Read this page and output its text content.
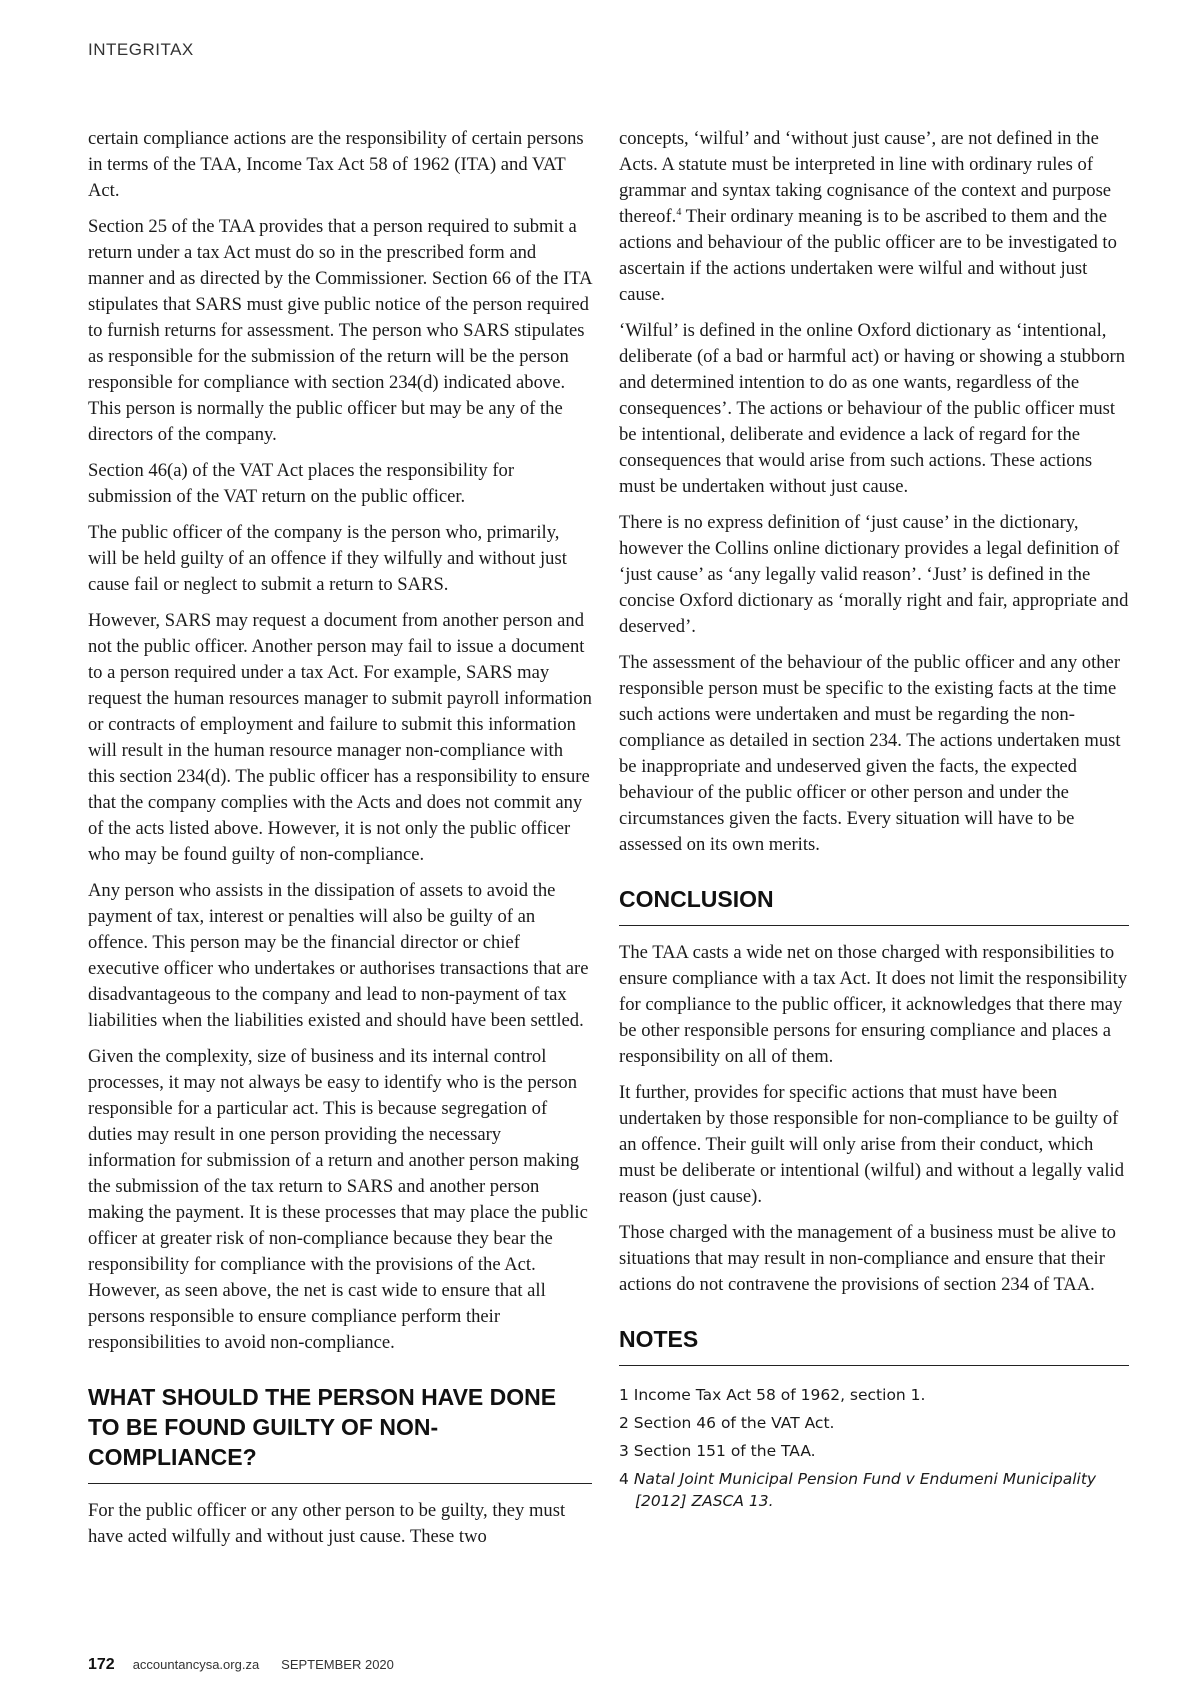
INTEGRITAX

certain compliance actions are the responsibility of certain persons in terms of the TAA, Income Tax Act 58 of 1962 (ITA) and VAT Act.

Section 25 of the TAA provides that a person required to submit a return under a tax Act must do so in the prescribed form and manner and as directed by the Commissioner. Section 66 of the ITA stipulates that SARS must give public notice of the person required to furnish returns for assessment. The person who SARS stipulates as responsible for the submission of the return will be the person responsible for compliance with section 234(d) indicated above. This person is normally the public officer but may be any of the directors of the company.

Section 46(a) of the VAT Act places the responsibility for submission of the VAT return on the public officer.

The public officer of the company is the person who, primarily, will be held guilty of an offence if they wilfully and without just cause fail or neglect to submit a return to SARS.

However, SARS may request a document from another person and not the public officer. Another person may fail to issue a document to a person required under a tax Act. For example, SARS may request the human resources manager to submit payroll information or contracts of employment and failure to submit this information will result in the human resource manager non-compliance with this section 234(d). The public officer has a responsibility to ensure that the company complies with the Acts and does not commit any of the acts listed above. However, it is not only the public officer who may be found guilty of non-compliance.

Any person who assists in the dissipation of assets to avoid the payment of tax, interest or penalties will also be guilty of an offence. This person may be the financial director or chief executive officer who undertakes or authorises transactions that are disadvantageous to the company and lead to non-payment of tax liabilities when the liabilities existed and should have been settled.

Given the complexity, size of business and its internal control processes, it may not always be easy to identify who is the person responsible for a particular act. This is because segregation of duties may result in one person providing the necessary information for submission of a return and another person making the submission of the tax return to SARS and another person making the payment. It is these processes that may place the public officer at greater risk of non-compliance because they bear the responsibility for compliance with the provisions of the Act. However, as seen above, the net is cast wide to ensure that all persons responsible to ensure compliance perform their responsibilities to avoid non-compliance.

WHAT SHOULD THE PERSON HAVE DONE TO BE FOUND GUILTY OF NON-COMPLIANCE?

For the public officer or any other person to be guilty, they must have acted wilfully and without just cause. These two

concepts, ‘wilful’ and ‘without just cause’, are not defined in the Acts. A statute must be interpreted in line with ordinary rules of grammar and syntax taking cognisance of the context and purpose thereof.$^4$ Their ordinary meaning is to be ascribed to them and the actions and behaviour of the public officer are to be investigated to ascertain if the actions undertaken were wilful and without just cause.

‘Wilful’ is defined in the online Oxford dictionary as ‘intentional, deliberate (of a bad or harmful act) or having or showing a stubborn and determined intention to do as one wants, regardless of the consequences’. The actions or behaviour of the public officer must be intentional, deliberate and evidence a lack of regard for the consequences that would arise from such actions. These actions must be undertaken without just cause.

There is no express definition of ‘just cause’ in the dictionary, however the Collins online dictionary provides a legal definition of ‘just cause’ as ‘any legally valid reason’. ‘Just’ is defined in the concise Oxford dictionary as ‘morally right and fair, appropriate and deserved’.

The assessment of the behaviour of the public officer and any other responsible person must be specific to the existing facts at the time such actions were undertaken and must be regarding the non-compliance as detailed in section 234. The actions undertaken must be inappropriate and undeserved given the facts, the expected behaviour of the public officer or other person and under the circumstances given the facts. Every situation will have to be assessed on its own merits.

CONCLUSION

The TAA casts a wide net on those charged with responsibilities to ensure compliance with a tax Act. It does not limit the responsibility for compliance to the public officer, it acknowledges that there may be other responsible persons for ensuring compliance and places a responsibility on all of them.

It further, provides for specific actions that must have been undertaken by those responsible for non-compliance to be guilty of an offence. Their guilt will only arise from their conduct, which must be deliberate or intentional (wilful) and without a legally valid reason (just cause).

Those charged with the management of a business must be alive to situations that may result in non-compliance and ensure that their actions do not contravene the provisions of section 234 of TAA.

NOTES
1 Income Tax Act 58 of 1962, section 1.
2 Section 46 of the VAT Act.
3 Section 151 of the TAA.
4 Natal Joint Municipal Pension Fund v Endumeni Municipality [2012] ZASCA 13.
172 accountancysa.org.za SEPTEMBER 2020
